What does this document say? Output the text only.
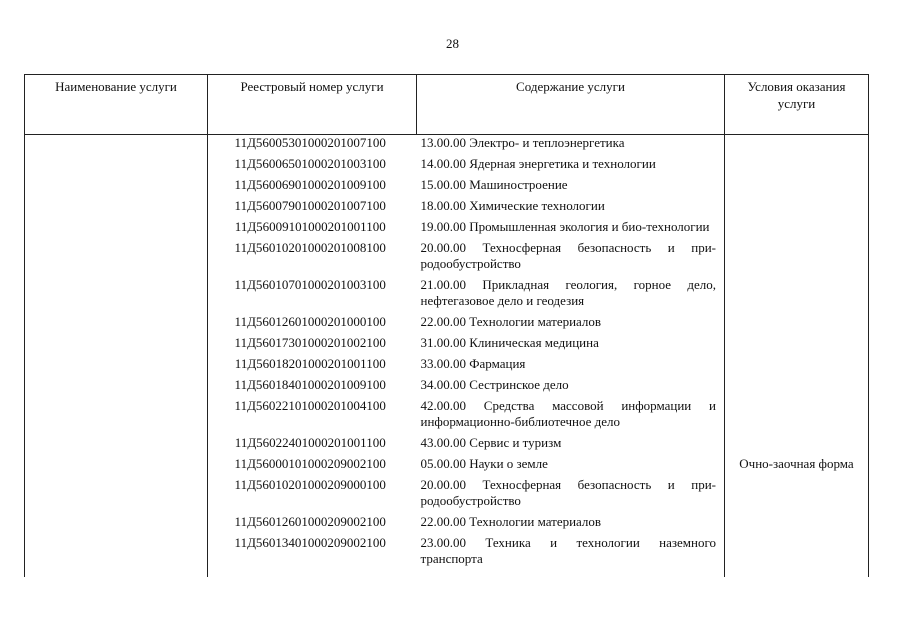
28
Наименование услуги	Реестровый номер услуги	Содержание услуги	Условия оказания услуги
	11Д56005301000201007100	13.00.00 Электро- и теплоэнергетика	
	11Д56006501000201003100	14.00.00 Ядерная энергетика и технологии	
	11Д56006901000201009100	15.00.00 Машиностроение	
	11Д56007901000201007100	18.00.00 Химические технологии	
	11Д56009101000201001100	19.00.00 Промышленная экология и био-технологии	
	11Д56010201000201008100	20.00.00 Техносферная безопасность и при-родообустройство	
	11Д56010701000201003100	21.00.00 Прикладная геология, горное дело, нефтегазовое дело и геодезия	
	11Д56012601000201000100	22.00.00 Технологии материалов	
	11Д56017301000201002100	31.00.00 Клиническая медицина	
	11Д56018201000201001100	33.00.00 Фармация	
	11Д56018401000201009100	34.00.00 Сестринское дело	
	11Д56022101000201004100	42.00.00 Средства массовой информации и информационно-библиотечное дело	
	11Д56022401000201001100	43.00.00 Сервис и туризм	
	11Д56000101000209002100	05.00.00 Науки о земле	Очно-заочная форма
	11Д56010201000209000100	20.00.00 Техносферная безопасность и при-родообустройство	
	11Д56012601000209002100	22.00.00 Технологии материалов	
	11Д56013401000209002100	23.00.00 Техника и технологии наземного транспорта	
